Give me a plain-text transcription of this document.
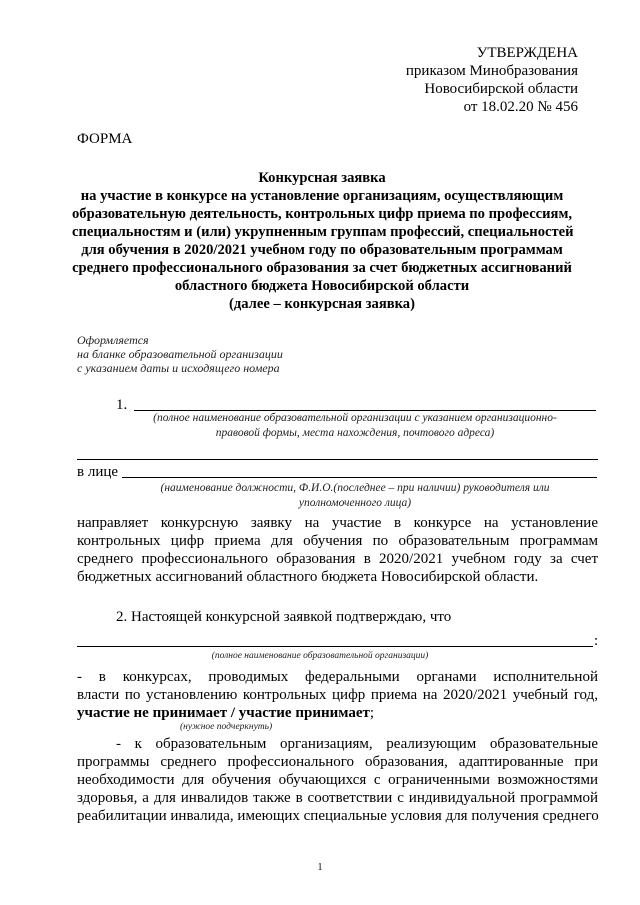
УТВЕРЖДЕНА
приказом Минобразования
Новосибирской области
от 18.02.20 № 456
ФОРМА
Конкурсная заявка
на участие в конкурсе на установление организациям, осуществляющим
образовательную деятельность, контрольных цифр приема по профессиям,
специальностям и (или) укрупненным группам профессий, специальностей
для обучения в 2020/2021 учебном году по образовательным программам
среднего профессионального образования за счет бюджетных ассигнований
областного бюджета Новосибирской области
(далее – конкурсная заявка)
Оформляется
на бланке образовательной организации
с указанием даты и исходящего номера
1.
(полное наименование образовательной организации с указанием организационно-
правовой формы, места нахождения, почтового адреса)
в лице
(наименование должности, Ф.И.О.(последнее – при наличии) руководителя или
уполномоченного лица)
направляет конкурсную заявку на участие в конкурсе на установление
контрольных цифр приема для обучения по образовательным программам
среднего профессионального образования в 2020/2021 учебном году за счет
бюджетных ассигнований областного бюджета Новосибирской области.
2. Настоящей конкурсной заявкой подтверждаю, что
:
(полное наименование образовательной организации)
- в конкурсах, проводимых федеральными органами исполнительной
власти по установлению контрольных цифр приема на 2020/2021 учебный год,
участие не принимает / участие принимает;
(нужное подчеркнуть)
- к образовательным организациям, реализующим образовательные
программы среднего профессионального образования, адаптированные при
необходимости для обучения обучающихся с ограниченными возможностями
здоровья, а для инвалидов также в соответствии с индивидуальной программой
реабилитации инвалида, имеющих специальные условия для получения среднего
1
